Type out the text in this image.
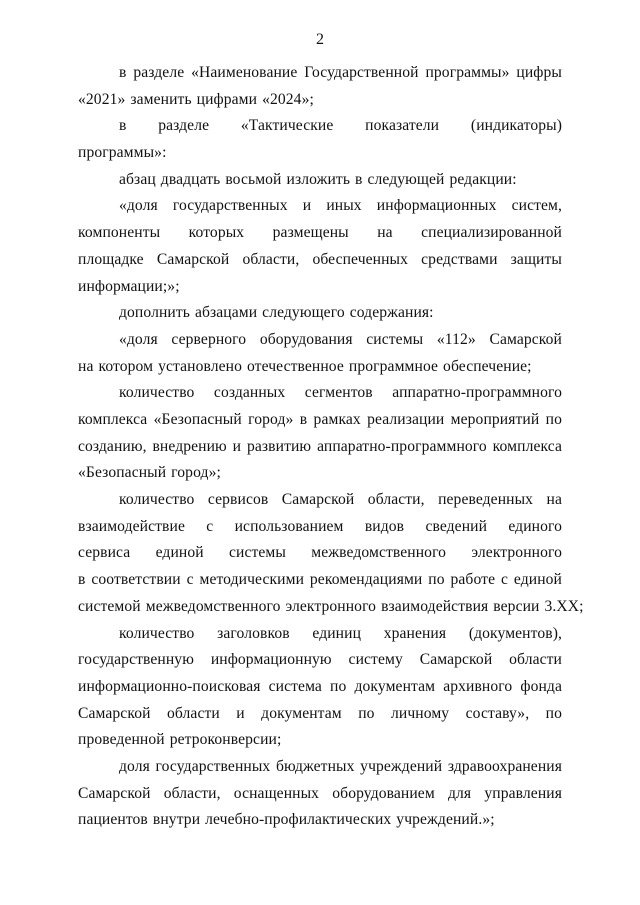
2
в разделе «Наименование Государственной программы» цифры
«2021» заменить цифрами «2024»;
в разделе «Тактические показатели (индикаторы)
программы»:
абзац двадцать восьмой изложить в следующей редакции:
«доля государственных и иных информационных систем,
компоненты которых размещены на специализированной
площадке Самарской области, обеспеченных средствами защиты
информации;»;
дополнить абзацами следующего содержания:
«доля серверного оборудования системы «112» Самарской
на котором установлено отечественное программное обеспечение;
количество созданных сегментов аппаратно-программного
комплекса «Безопасный город» в рамках реализации мероприятий по
созданию, внедрению и развитию аппаратно-программного комплекса
«Безопасный город»;
количество сервисов Самарской области, переведенных на
взаимодействие с использованием видов сведений единого
сервиса единой системы межведомственного электронного
в соответствии с методическими рекомендациями по работе с единой
системой межведомственного электронного взаимодействия версии 3.XX;
количество заголовков единиц хранения (документов),
государственную информационную систему Самарской области
информационно-поисковая система по документам архивного фонда
Самарской области и документам по личному составу», по
проведенной ретроконверсии;
доля государственных бюджетных учреждений здравоохранения
Самарской области, оснащенных оборудованием для управления
пациентов внутри лечебно-профилактических учреждений.»;
